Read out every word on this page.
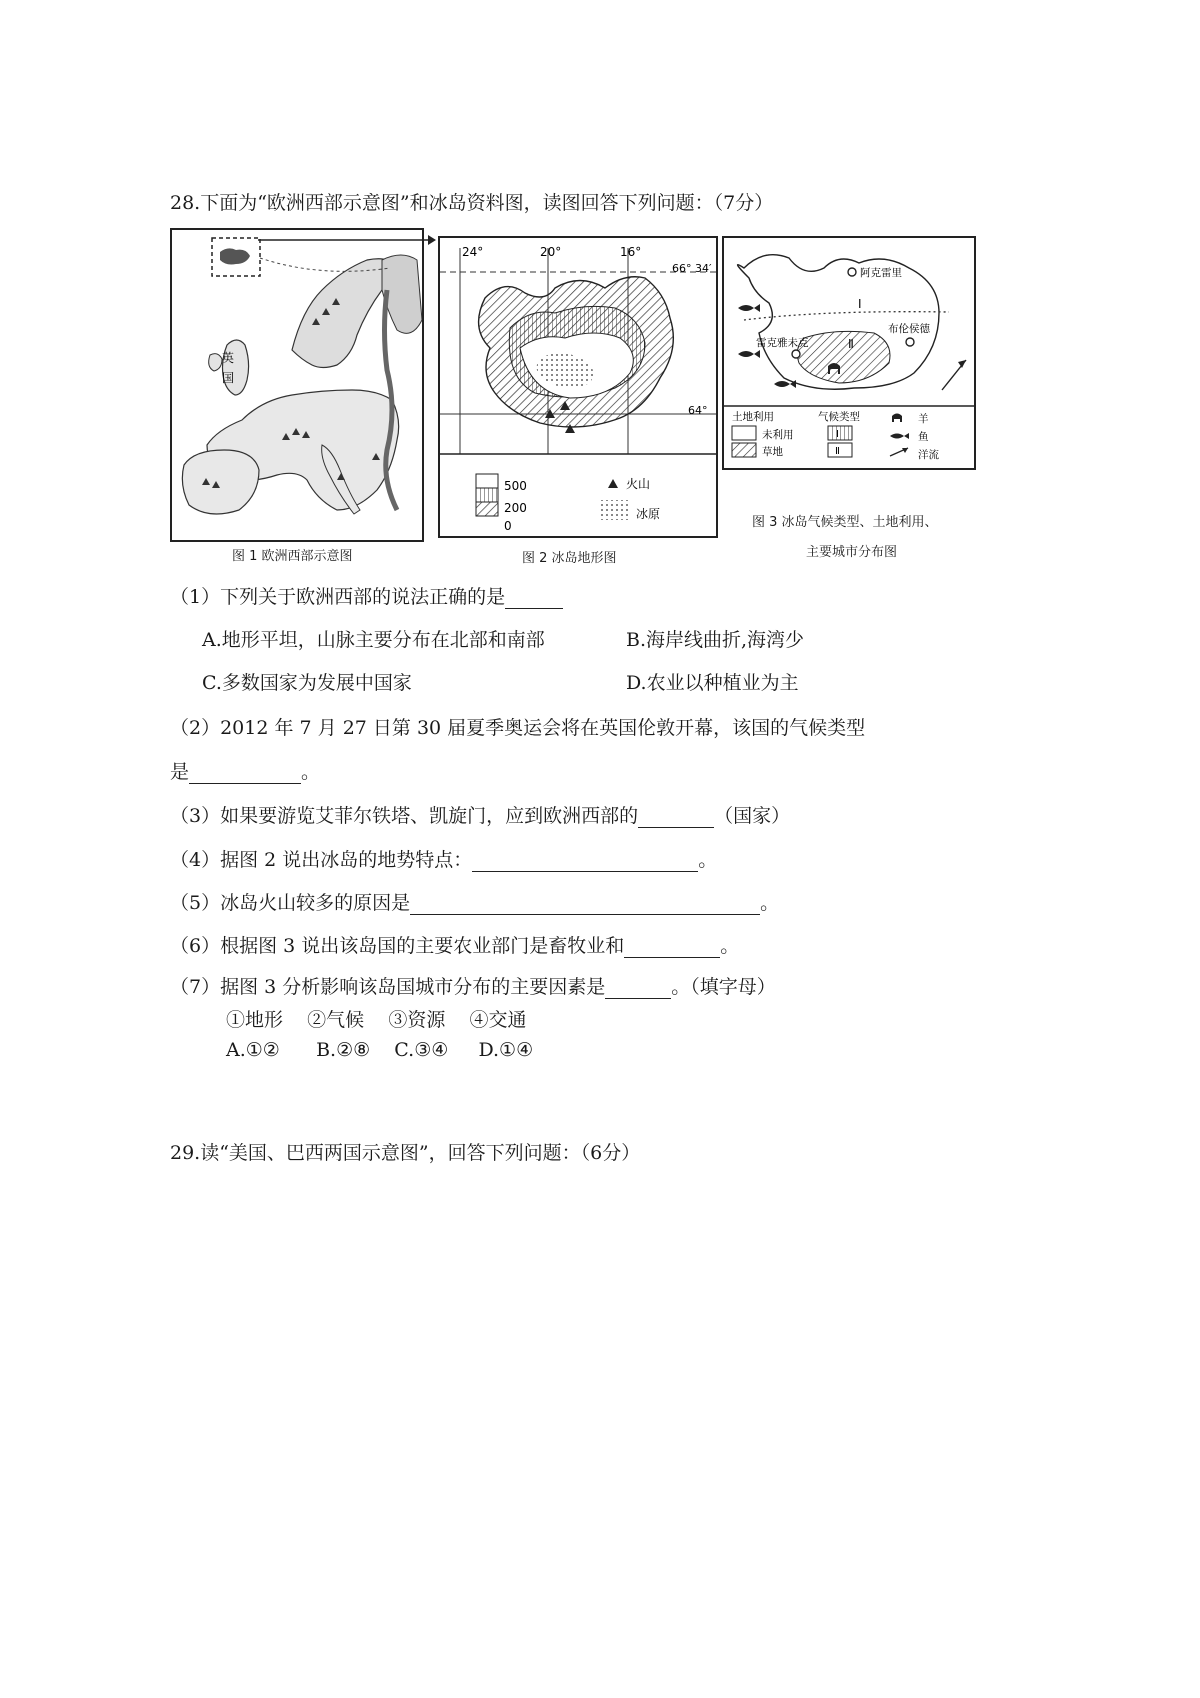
28.下面为“欧洲西部示意图”和冰岛资料图，读图回答下列问题：（7分）
英
国
图 1 欧洲西部示意图
24°	20°	16°
66° 34′
64°
500
200
0
火山
冰原
图 2 冰岛地形图
阿克雷里
雷克雅未克
布伦侯德
Ⅰ
Ⅱ
土地利用	气候类型
未利用
草地
Ⅰ
Ⅱ
羊
鱼
洋流
图 3 冰岛气候类型、土地利用、
主要城市分布图
（1）下列关于欧洲西部的说法正确的是
A.地形平坦，山脉主要分布在北部和南部	B.海岸线曲折,海湾少
C.多数国家为发展中国家	D.农业以种植业为主
（2）2012 年 7 月 27 日第 30 届夏季奥运会将在英国伦敦开幕，该国的气候类型
是	。
（3）如果要游览艾菲尔铁塔、凯旋门，应到欧洲西部的	（国家）
（4）据图 2 说出冰岛的地势特点：	。
（5）冰岛火山较多的原因是	。
（6）根据图 3 说出该岛国的主要农业部门是畜牧业和	。
（7）据图 3 分析影响该岛国城市分布的主要因素是	。（填字母）
①地形    ②气候    ③资源    ④交通
A.①②      B.②⑧    C.③④     D.①④
29.读“美国、巴西两国示意图”，回答下列问题：（6分）
